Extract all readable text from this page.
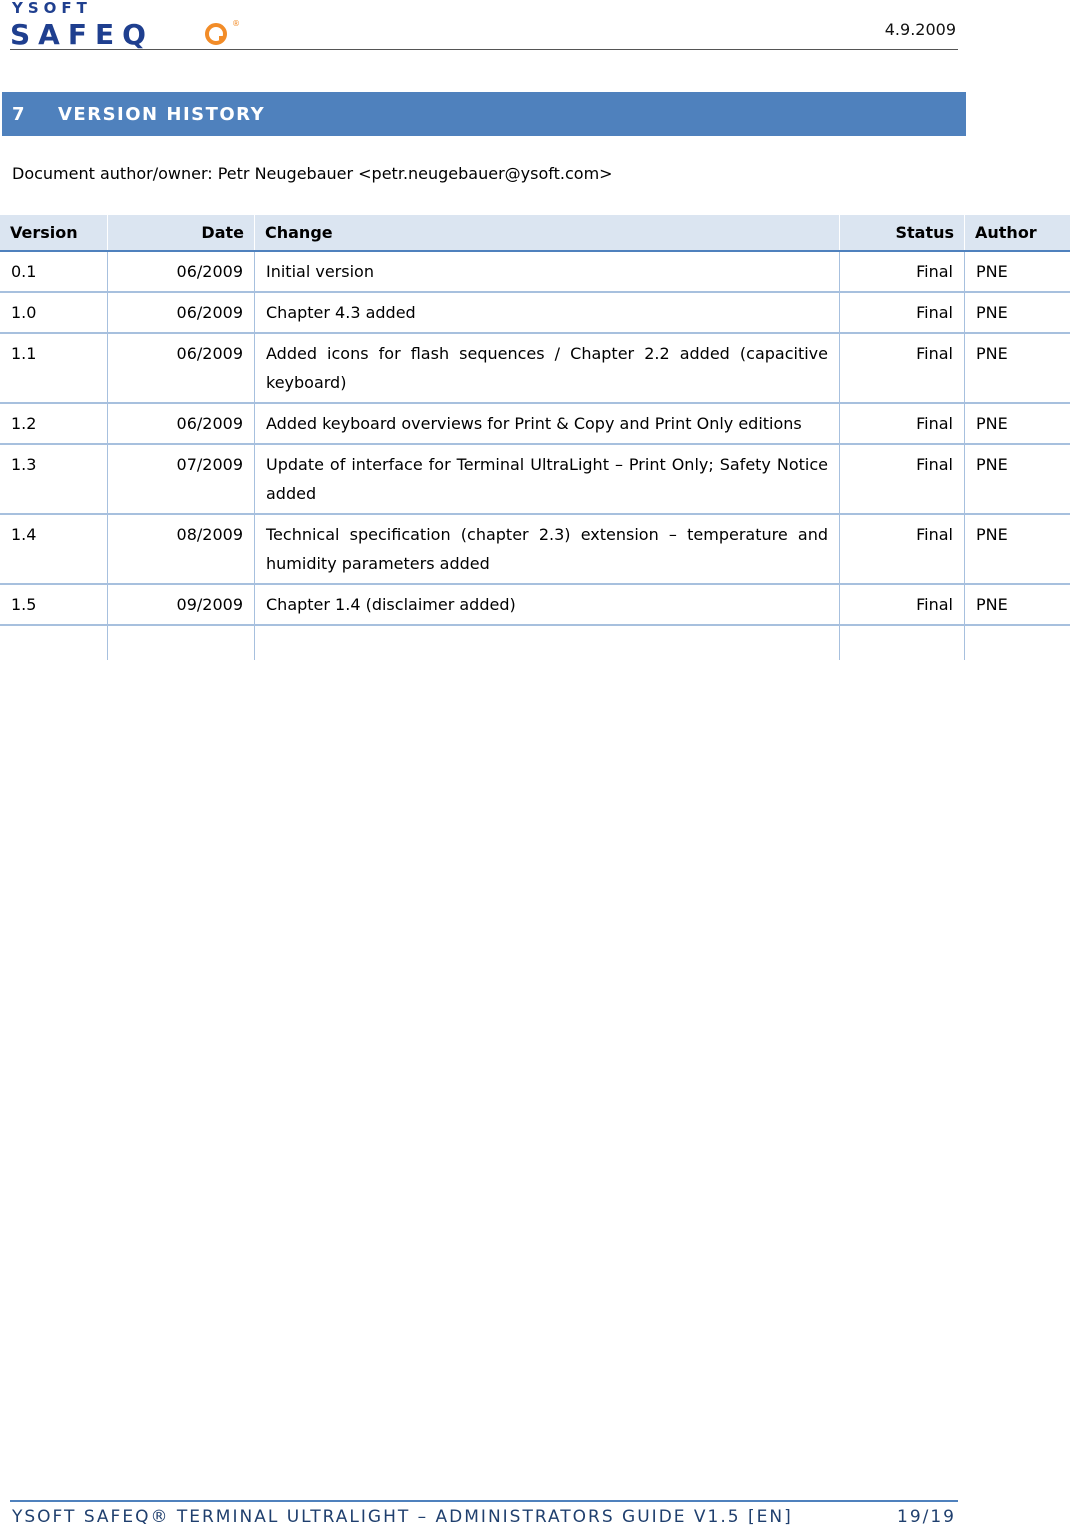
YSOFT
SAFEQ	®	4.9.2009
7	VERSION HISTORY
Document author/owner: Petr Neugebauer <petr.neugebauer@ysoft.com>
Version	Date	Change	Status	Author
0.1	06/2009	Initial version	Final	PNE
1.0	06/2009	Chapter 4.3 added	Final	PNE
1.1	06/2009	Added icons for flash sequences / Chapter 2.2 added (capacitive keyboard)	Final	PNE
1.2	06/2009	Added keyboard overviews for Print & Copy and Print Only editions	Final	PNE
1.3	07/2009	Update of interface for Terminal UltraLight – Print Only; Safety Notice added	Final	PNE
1.4	08/2009	Technical specification (chapter 2.3) extension – temperature and humidity parameters added	Final	PNE
1.5	09/2009	Chapter 1.4 (disclaimer added)	Final	PNE

YSOFT SAFEQ® TERMINAL ULTRALIGHT – ADMINISTRATORS GUIDE V1.5 [EN]	19/19
